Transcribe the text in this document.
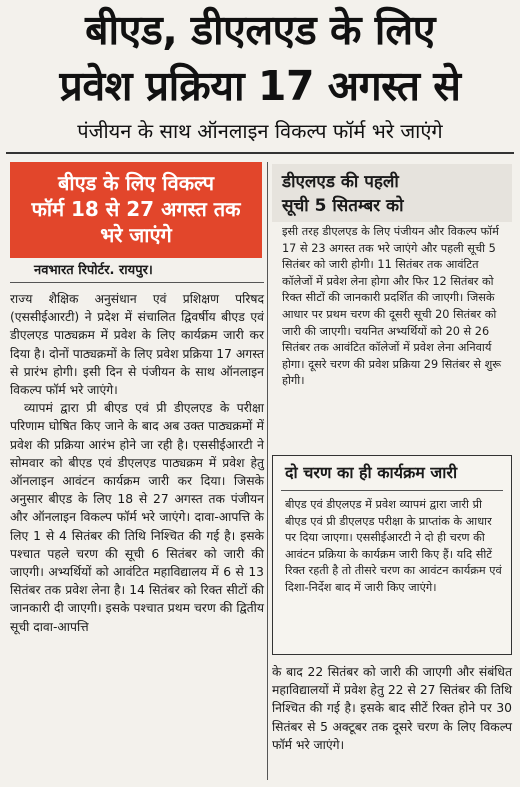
बीएड, डीएलएड के लिए
प्रवेश प्रक्रिया 17 अगस्त से
पंजीयन के साथ ऑनलाइन विकल्प फॉर्म भरे जाएंगे
बीएड के लिए विकल्प
फॉर्म 18 से 27 अगस्त तक
भरे जाएंगे
नवभारत रिपोर्टर. रायपुर।

राज्य शैक्षिक अनुसंधान एवं प्रशिक्षण परिषद (एससीईआरटी) ने प्रदेश में संचालित द्विवर्षीय बीएड एवं डीएलएड पाठ्यक्रम में प्रवेश के लिए कार्यक्रम जारी कर दिया है। दोनों पाठ्यक्रमों के लिए प्रवेश प्रक्रिया 17 अगस्त से प्रारंभ होगी। इसी दिन से पंजीयन के साथ ऑनलाइन विकल्प फॉर्म भरे जाएंगे।

व्यापमं द्वारा प्री बीएड एवं प्री डीएलएड के परीक्षा परिणाम घोषित किए जाने के बाद अब उक्त पाठ्यक्रमों में प्रवेश की प्रक्रिया आरंभ होने जा रही है। एससीईआरटी ने सोमवार को बीएड एवं डीएलएड पाठ्यक्रम में प्रवेश हेतु ऑनलाइन आवंटन कार्यक्रम जारी कर दिया। जिसके अनुसार बीएड के लिए 18 से 27 अगस्त तक पंजीयन और ऑनलाइन विकल्प फॉर्म भरे जाएंगे। दावा-आपत्ति के लिए 1 से 4 सितंबर की तिथि निश्चित की गई है। इसके पश्चात पहले चरण की सूची 6 सितंबर को जारी की जाएगी। अभ्यर्थियों को आवंटित महाविद्यालय में 6 से 13 सितंबर तक प्रवेश लेना है। 14 सितंबर को रिक्त सीटों की जानकारी दी जाएगी। इसके पश्चात प्रथम चरण की द्वितीय सूची दावा-आपत्ति

डीएलएड की पहली
सूची 5 सितम्बर को
इसी तरह डीएलएड के लिए पंजीयन और विकल्प फॉर्म 17 से 23 अगस्त तक भरे जाएंगे और पहली सूची 5 सितंबर को जारी होगी। 11 सितंबर तक आवंटित कॉलेजों में प्रवेश लेना होगा और फिर 12 सितंबर को रिक्त सीटों की जानकारी प्रदर्शित की जाएगी। जिसके आधार पर प्रथम चरण की दूसरी सूची 20 सितंबर को जारी की जाएगी। चयनित अभ्यर्थियों को 20 से 26 सितंबर तक आवंटित कॉलेजों में प्रवेश लेना अनिवार्य होगा। दूसरे चरण की प्रवेश प्रक्रिया 29 सितंबर से शुरू होगी।
दो चरण का ही कार्यक्रम जारी
बीएड एवं डीएलएड में प्रवेश व्यापमं द्वारा जारी प्री बीएड एवं प्री डीएलएड परीक्षा के प्राप्तांक के आधार पर दिया जाएगा। एससीईआरटी ने दो ही चरण की आवंटन प्रक्रिया के कार्यक्रम जारी किए हैं। यदि सीटें रिक्त रहती है तो तीसरे चरण का आवंटन कार्यक्रम एवं दिशा-निर्देश बाद में जारी किए जाएंगे।

के बाद 22 सितंबर को जारी की जाएगी और संबंधित महाविद्यालयों में प्रवेश हेतु 22 से 27 सितंबर की तिथि निश्चित की गई है। इसके बाद सीटें रिक्त होने पर 30 सितंबर से 5 अक्टूबर तक दूसरे चरण के लिए विकल्प फॉर्म भरे जाएंगे।
